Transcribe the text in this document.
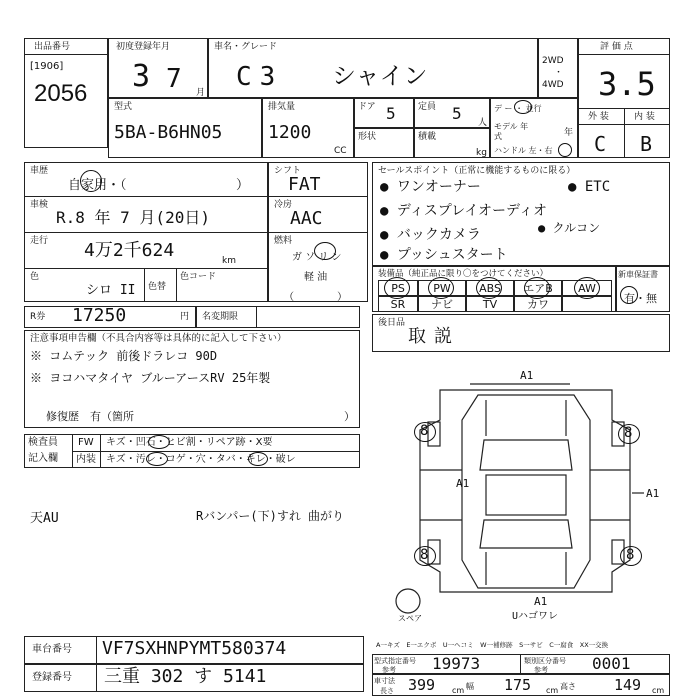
出品番号
[1906]
2056
初度登録年月
3 7 月
車名・グレード
C3 シャイン
2WD
・
4WD
評 価 点
3.5
外 装	内 装
C B
型式
5BA-B6HN05
排気量
1200
CC
ドア 5 定員 5 人
形状	積載
kg
デ ー ・ 並行
モデル 年式	年
ハンドル 左・右
車歴
自家用・（	）
車検
R.8 年 7 月(20日)
走行 4万2千624	km
色
シロ II 色替
色コード
シフト
FAT
冷房
AAC
燃料
ガ ソ リ ン
軽 油
（ ）
セールスポイント（正常に機能するものに限る）
● ワンオーナー	● ETC
● ディスプレイオーディオ
● バックカメラ	● クルコン
● プッシュスタート
装備品（純正品に限り〇をつけてください）
PS	PW	ABS	エアB	AW
SR	ナビ	TV	カワ
新車保証書
有・無
R券 17250	円 名変期限
後日品
取説
注意事項申告欄（不具合内容等は具体的に記入して下さい）
※ コムテック 前後ドラレコ 90D
※ ヨコハマタイヤ ブルーアースRV 25年製
修復歴　有（箇所	）
検査員
記入欄
FW キズ・凹石・ヒビ割・リペア跡・X要
内装 キズ・汚レ・コゲ・穴・タバ・キレ・破レ
天AU	Rバンパー(下)すれ 曲がり
A1
8	8
A1
A1
8	8
A1
スペア	Uハゴワレ
A一キズ　E一エクボ　U一ヘコミ　W一補修跡　S一サビ　C一腐食　XX一交換
車台番号 VF7SXHNPYMT580374
登録番号 三重 302 す 5141
型式指定番号
参考 19973	類別区分番号
参考	0001
車寸法
長さ 399 cm 幅 175 cm 高さ	149 cm
